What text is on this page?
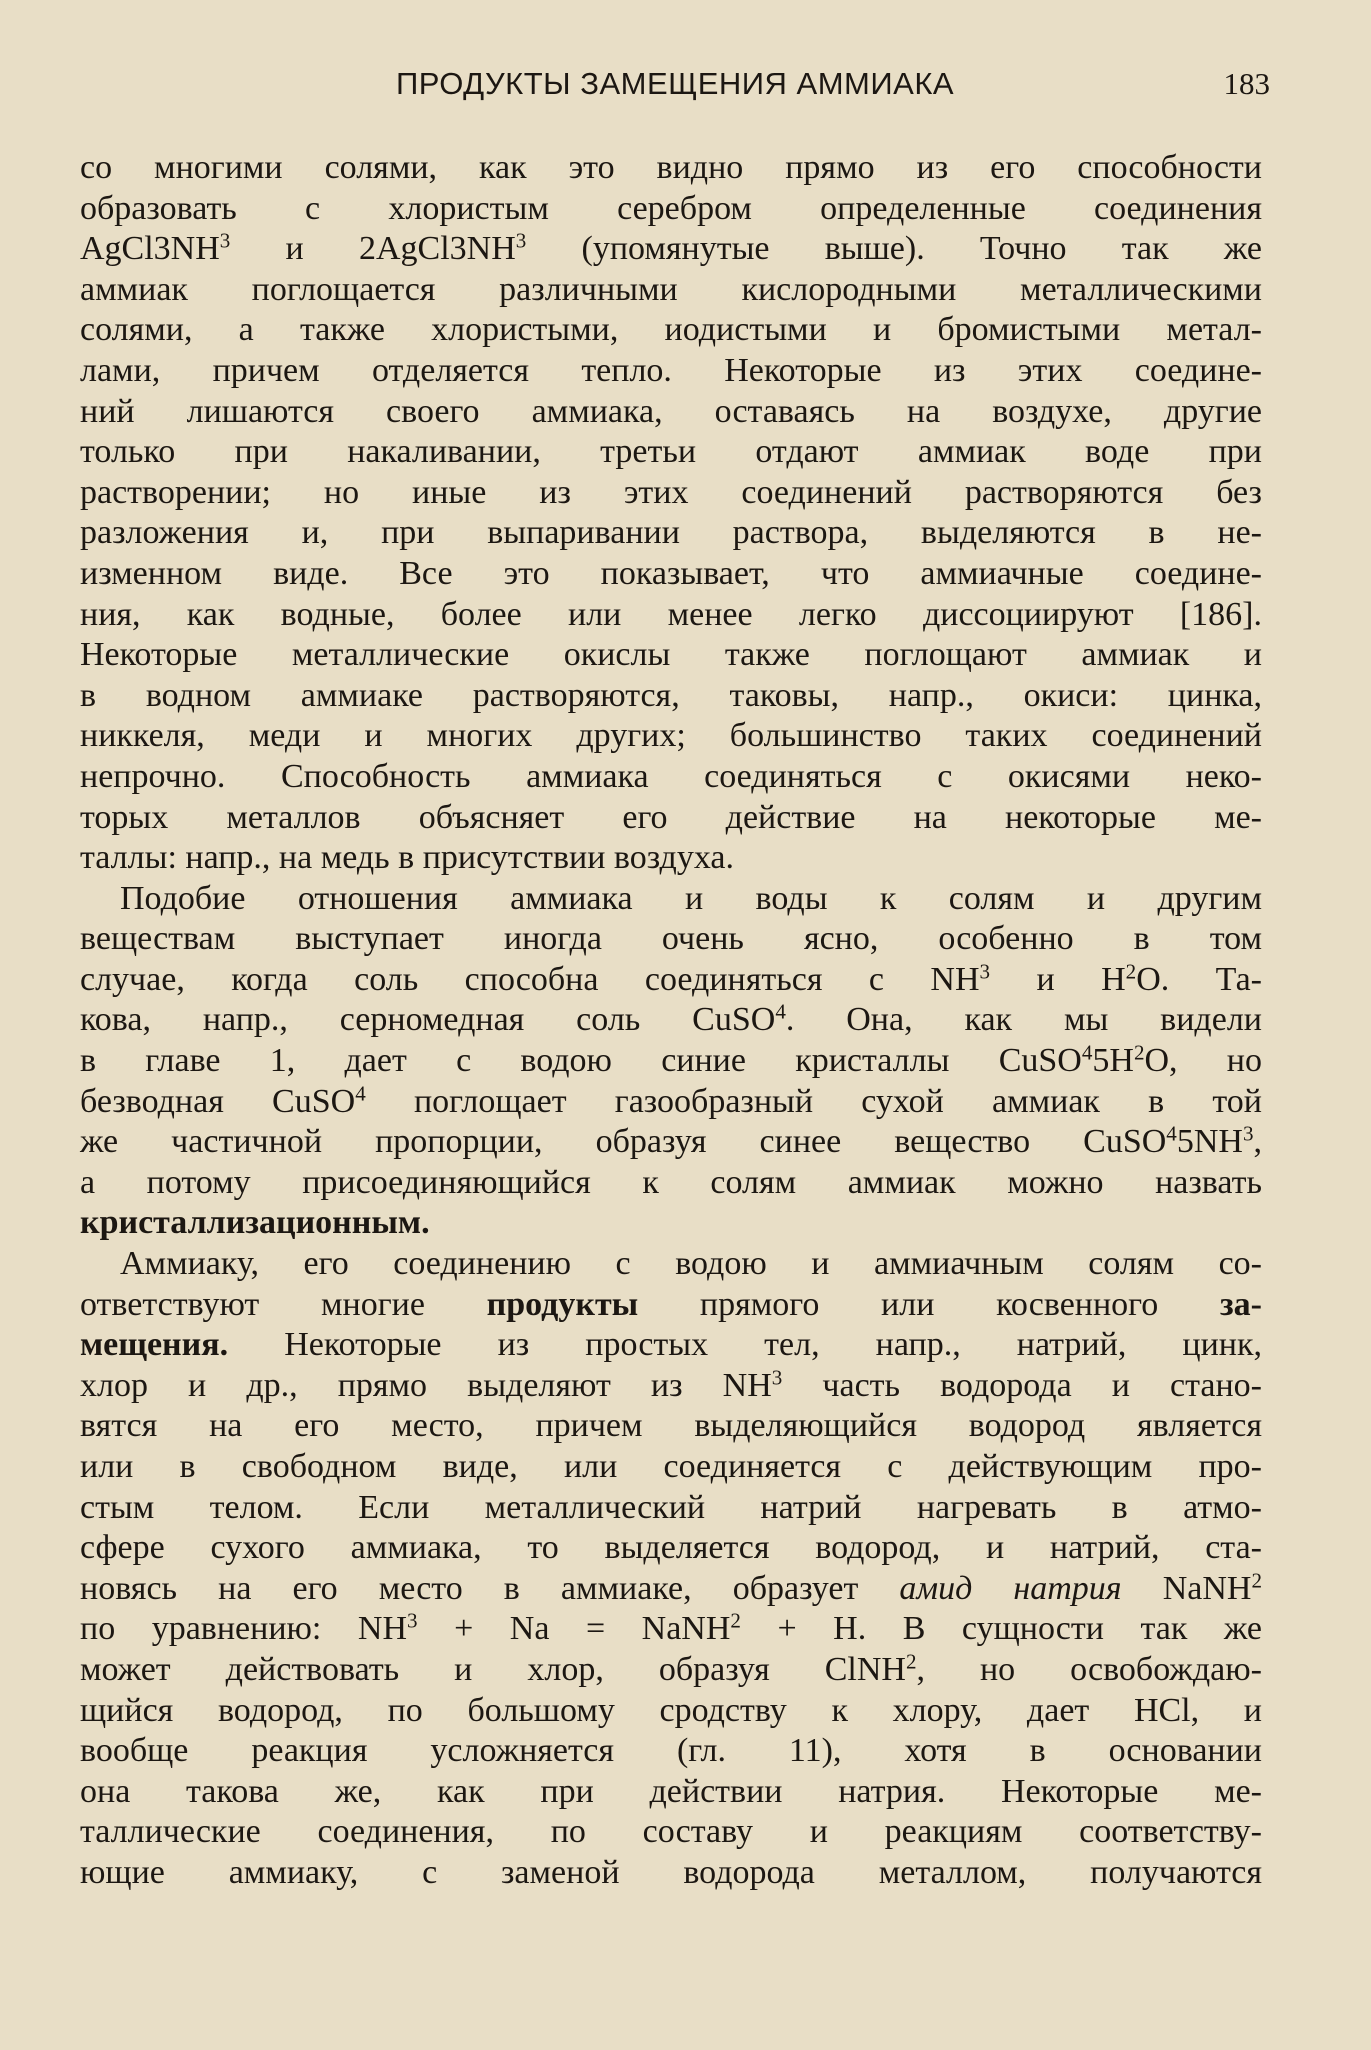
ПРОДУКТЫ ЗАМЕЩЕНИЯ АММИАКА	183
со многими солями, как это видно прямо из его способности
образовать с хлористым серебром определенные соединения
$AgCl3NH^3$ и $2AgCl3NH^3$ (упомянутые выше). Точно так же
аммиак поглощается различными кислородными металлическими
солями, а также хлористыми, иодистыми и бромистыми метал-
лами, причем отделяется тепло. Некоторые из этих соедине-
ний лишаются своего аммиака, оставаясь на воздухе, другие
только при накаливании, третьи отдают аммиак воде при
растворении; но иные из этих соединений растворяются без
разложения и, при выпаривании раствора, выделяются в не-
изменном виде. Все это показывает, что аммиачные соедине-
ния, как водные, более или менее легко диссоциируют [186].
Некоторые металлические окислы также поглощают аммиак и
в водном аммиаке растворяются, таковы, напр., окиси: цинка,
никкеля, меди и многих других; большинство таких соединений
непрочно. Способность аммиака соединяться с окисями неко-
торых металлов объясняет его действие на некоторые ме-
таллы: напр., на медь в присутствии воздуха.
Подобие отношения аммиака и воды к солям и другим
веществам выступает иногда очень ясно, особенно в том
случае, когда соль способна соединяться с $NH^3$ и $H^2O$. Та-
кова, напр., серномедная соль CuSO$^4$. Она, как мы видели
в главе 1, дает с водою синие кристаллы $CuSO^45H^2O$, но
безводная CuSO$^4$ поглощает газообразный сухой аммиак в той
же частичной пропорции, образуя синее вещество $CuSO^45NH^3$,
а потому присоединяющийся к солям аммиак можно назвать
кристаллизационным.
Аммиаку, его соединению с водою и аммиачным солям со-
ответствуют многие продукты прямого или косвенного за-
мещения. Некоторые из простых тел, напр., натрий, цинк,
хлор и др., прямо выделяют из $NH^3$ часть водорода и стано-
вятся на его место, причем выделяющийся водород является
или в свободном виде, или соединяется с действующим про-
стым телом. Если металлический натрий нагревать в атмо-
сфере сухого аммиака, то выделяется водород, и натрий, ста-
новясь на его место в аммиаке, образует амид натрия NaNH$^2$
по уравнению: $NH^3 + Na$ = NaNH$^2$ + H. В сущности так же
может действовать и хлор, образуя ClNH$^2$, но освобождаю-
щийся водород, по большому сродству к хлору, дает HCl, и
вообще реакция усложняется (гл. 11), хотя в основании
она такова же, как при действии натрия. Некоторые ме-
таллические соединения, по составу и реакциям соответству-
ющие аммиаку, с заменой водорода металлом, получаются
